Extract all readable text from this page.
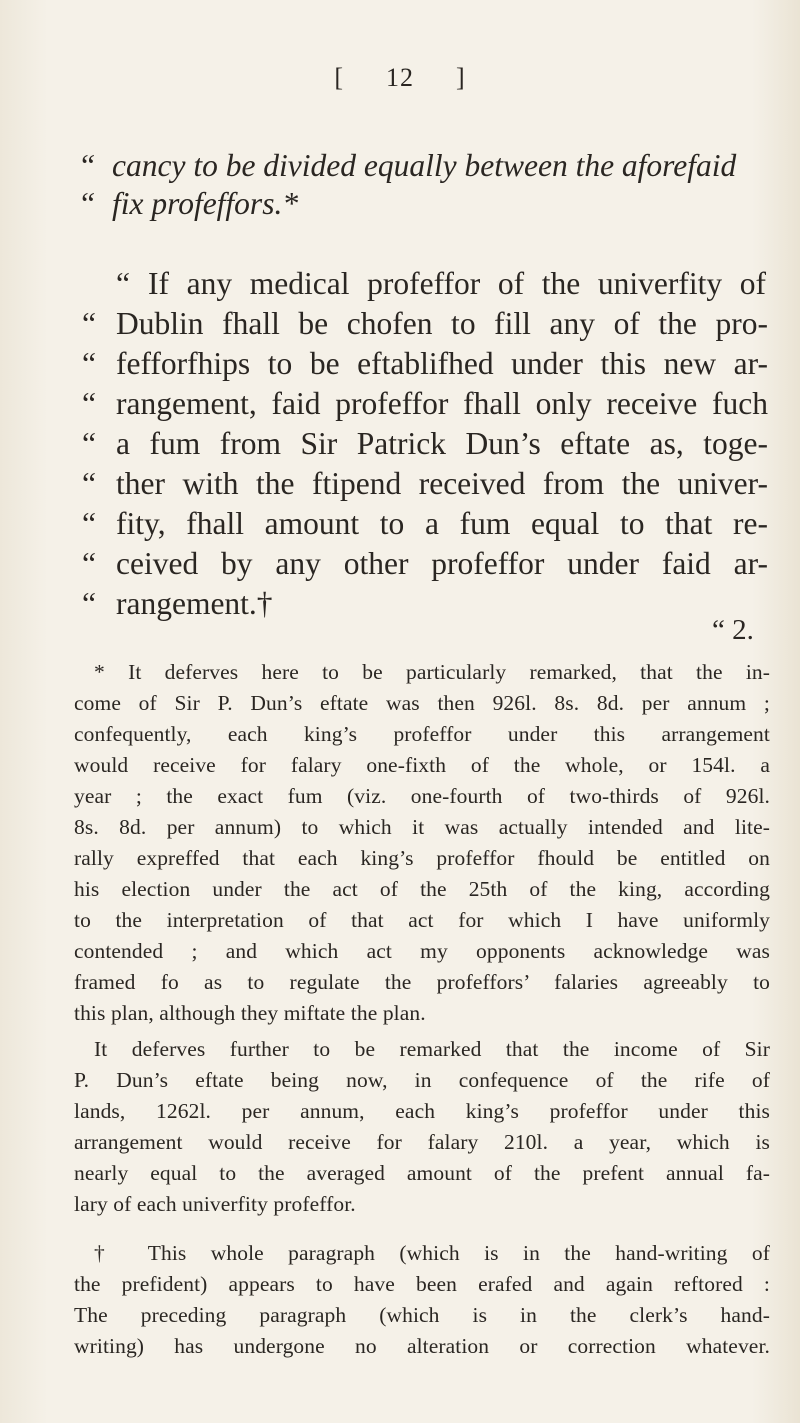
[ 12 ]
“ cancy to be divided equally between the aforefaid
“ fix profeffors.*
“ If any medical profeffor of the univerfity of
“ Dublin fhall be chofen to fill any of the pro-
“ fefforfhips to be eftablifhed under this new ar-
“ rangement, faid profeffor fhall only receive fuch
“ a fum from Sir Patrick Dun’s eftate as, toge-
“ ther with the ftipend received from the univer-
“ fity, fhall amount to a fum equal to that re-
“ ceived by any other profeffor under faid ar-
“ rangement.†
“ 2.
* It deferves here to be particularly remarked, that the in-
come of Sir P. Dun’s eftate was then 926l. 8s. 8d. per annum ;
confequently, each king’s profeffor under this arrangement
would receive for falary one-fixth of the whole, or 154l. a
year ; the exact fum (viz. one-fourth of two-thirds of 926l.
8s. 8d. per annum) to which it was actually intended and lite-
rally expreffed that each king’s profeffor fhould be entitled on
his election under the act of the 25th of the king, according
to the interpretation of that act for which I have uniformly
contended ; and which act my opponents acknowledge was
framed fo as to regulate the profeffors’ falaries agreeably to
this plan, although they miftate the plan.
It deferves further to be remarked that the income of Sir
P. Dun’s eftate being now, in confequence of the rife of
lands, 1262l. per annum, each king’s profeffor under this
arrangement would receive for falary 210l. a year, which is
nearly equal to the averaged amount of the prefent annual fa-
lary of each univerfity profeffor.
† This whole paragraph (which is in the hand-writing of
the prefident) appears to have been erafed and again reftored :
The preceding paragraph (which is in the clerk’s hand-
writing) has undergone no alteration or correction whatever.
